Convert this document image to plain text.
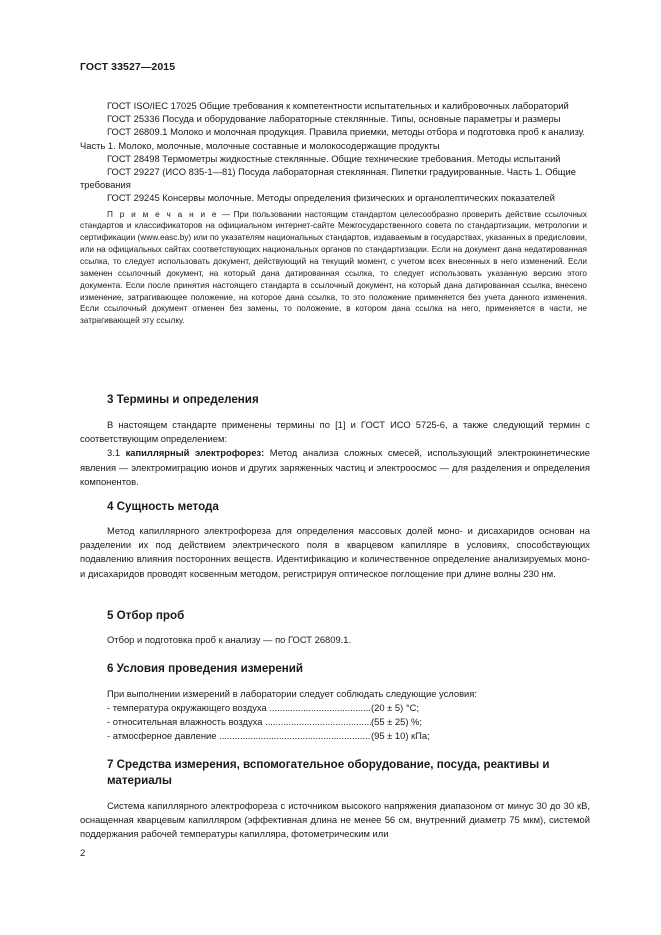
ГОСТ 33527—2015

ГОСТ ISO/IEC 17025 Общие требования к компетентности испытательных и калибровочных лабораторий

ГОСТ 25336 Посуда и оборудование лабораторные стеклянные. Типы, основные параметры и размеры

ГОСТ 26809.1 Молоко и молочная продукция. Правила приемки, методы отбора и подготовка проб к анализу. Часть 1. Молоко, молочные, молочные составные и молокосодержащие продукты

ГОСТ 28498 Термометры жидкостные стеклянные. Общие технические требования. Методы испытаний

ГОСТ 29227 (ИСО 835-1—81) Посуда лабораторная стеклянная. Пипетки градуированные. Часть 1. Общие требования

ГОСТ 29245 Консервы молочные. Методы определения физических и органолептических показателей

П р и м е ч а н и е — При пользовании настоящим стандартом целесообразно проверить действие ссылочных стандартов и классификаторов на официальном интернет-сайте Межгосударственного совета по стандартизации, метрологии и сертификации (www.easc.by) или по указателям национальных стандартов, издаваемым в государствах, указанных в предисловии, или на официальных сайтах соответствующих национальных органов по стандартизации. Если на документ дана недатированная ссылка, то следует использовать документ, действующий на текущий момент, с учетом всех внесенных в него изменений. Если заменен ссылочный документ, на который дана датированная ссылка, то следует использовать указанную версию этого документа. Если после принятия настоящего стандарта в ссылочный документ, на который дана датированная ссылка, внесено изменение, затрагивающее положение, на которое дана ссылка, то это положение применяется без учета данного изменения. Если ссылочный документ отменен без замены, то положение, в котором дана ссылка на него, применяется в части, не затрагивающей эту ссылку.

3 Термины и определения

В настоящем стандарте применены термины по [1] и ГОСТ ИСО 5725-6, а также следующий термин с соответствующим определением:

3.1 капиллярный электрофорез: Метод анализа сложных смесей, использующий электрокинетические явления — электромиграцию ионов и других заряженных частиц и электроосмос — для разделения и определения компонентов.

4 Сущность метода

Метод капиллярного электрофореза для определения массовых долей моно- и дисахаридов основан на разделении их под действием электрического поля в кварцевом капилляре в условиях, способствующих подавлению влияния посторонних веществ. Идентификацию и количественное определение анализируемых моно- и дисахаридов проводят косвенным методом, регистрируя оптическое поглощение при длине волны 230 нм.

5 Отбор проб

Отбор и подготовка проб к анализу — по ГОСТ 26809.1.

6 Условия проведения измерений

При выполнении измерений в лаборатории следует соблюдать следующие условия:

- температура окружающего воздуха .....	(20 ± 5) °С;
- относительная влажность воздуха .....	(55 ± 25) %;
- атмосферное давление .....	(95 ± 10) кПа;
7 Средства измерения, вспомогательное оборудование, посуда, реактивы и материалы

Система капиллярного электрофореза с источником высокого напряжения диапазоном от минус 30 до 30 кВ, оснащенная кварцевым капилляром (эффективная длина не менее 56 см, внутренний диаметр 75 мкм), системой поддержания рабочей температуры капилляра, фотометрическим или

2
